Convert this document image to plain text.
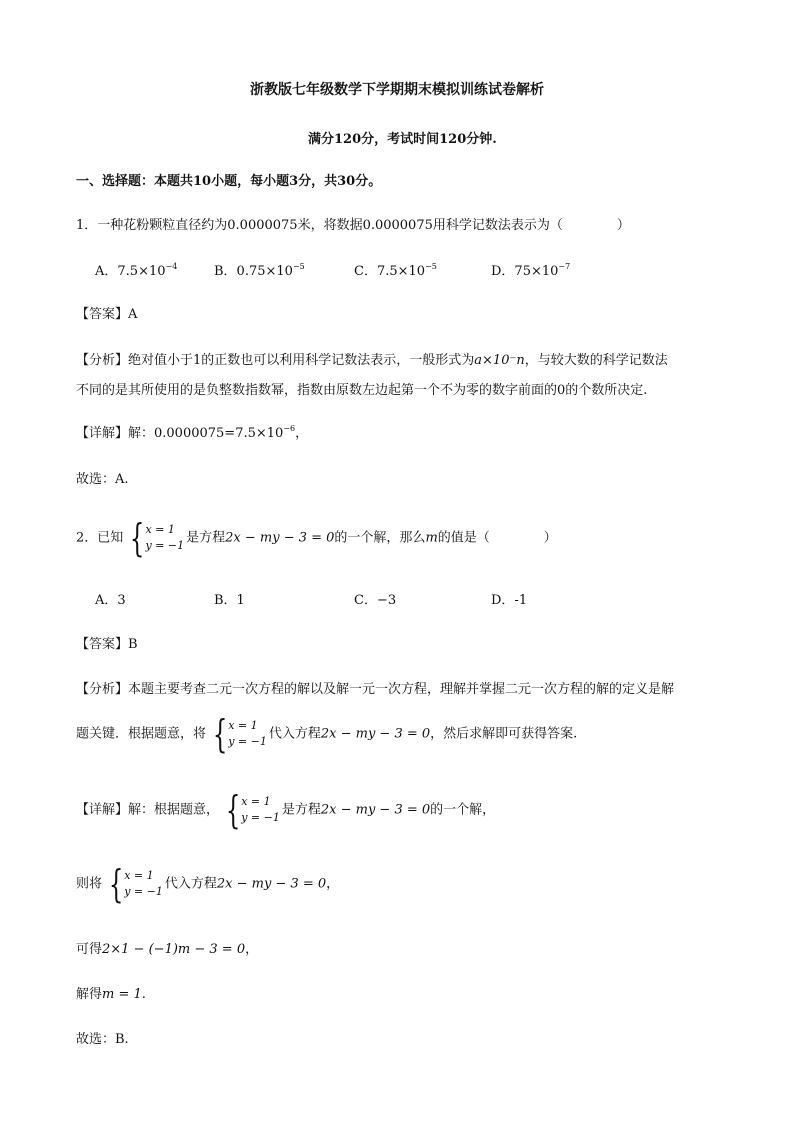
浙教版七年级数学下学期期末模拟训练试卷解析
满分120分，考试时间120分钟.
一、选择题：本题共10小题，每小题3分，共30分。
1．一种花粉颗粒直径约为0.0000075米，将数据0.0000075用科学记数法表示为（	）
A．$7.5\times 10^{-4}$	B．$0.75\times 10^{-5}$	C．$7.5\times 10^{-5}$	D．$75\times 10^{-7}$
【答案】A
【分析】绝对值小于1的正数也可以利用科学记数法表示，一般形式为a×10⁻n，与较大数的科学记数法
不同的是其所使用的是负整数指数幂，指数由原数左边起第一个不为零的数字前面的0的个数所决定.
【详解】解：$0.0000075=7.5\times 10^{-6}$，
故选：A.
2．已知 {x = 1
y = −1 是方程2x − my − 3 = 0的一个解，那么m的值是（	）
A．3	B．1	C．−3	D．-1
【答案】B
【分析】本题主要考查二元一次方程的解以及解一元一次方程，理解并掌握二元一次方程的解的定义是解
题关键．根据题意，将 {x = 1
y = −1 代入方程2x − my − 3 = 0，然后求解即可获得答案.
【详解】解：根据题意， {x = 1
y = −1 是方程2x − my − 3 = 0的一个解，
则将 {x = 1
y = −1 代入方程2x − my − 3 = 0，
可得2×1 − (−1)m − 3 = 0，
解得m = 1.
故选：B.
